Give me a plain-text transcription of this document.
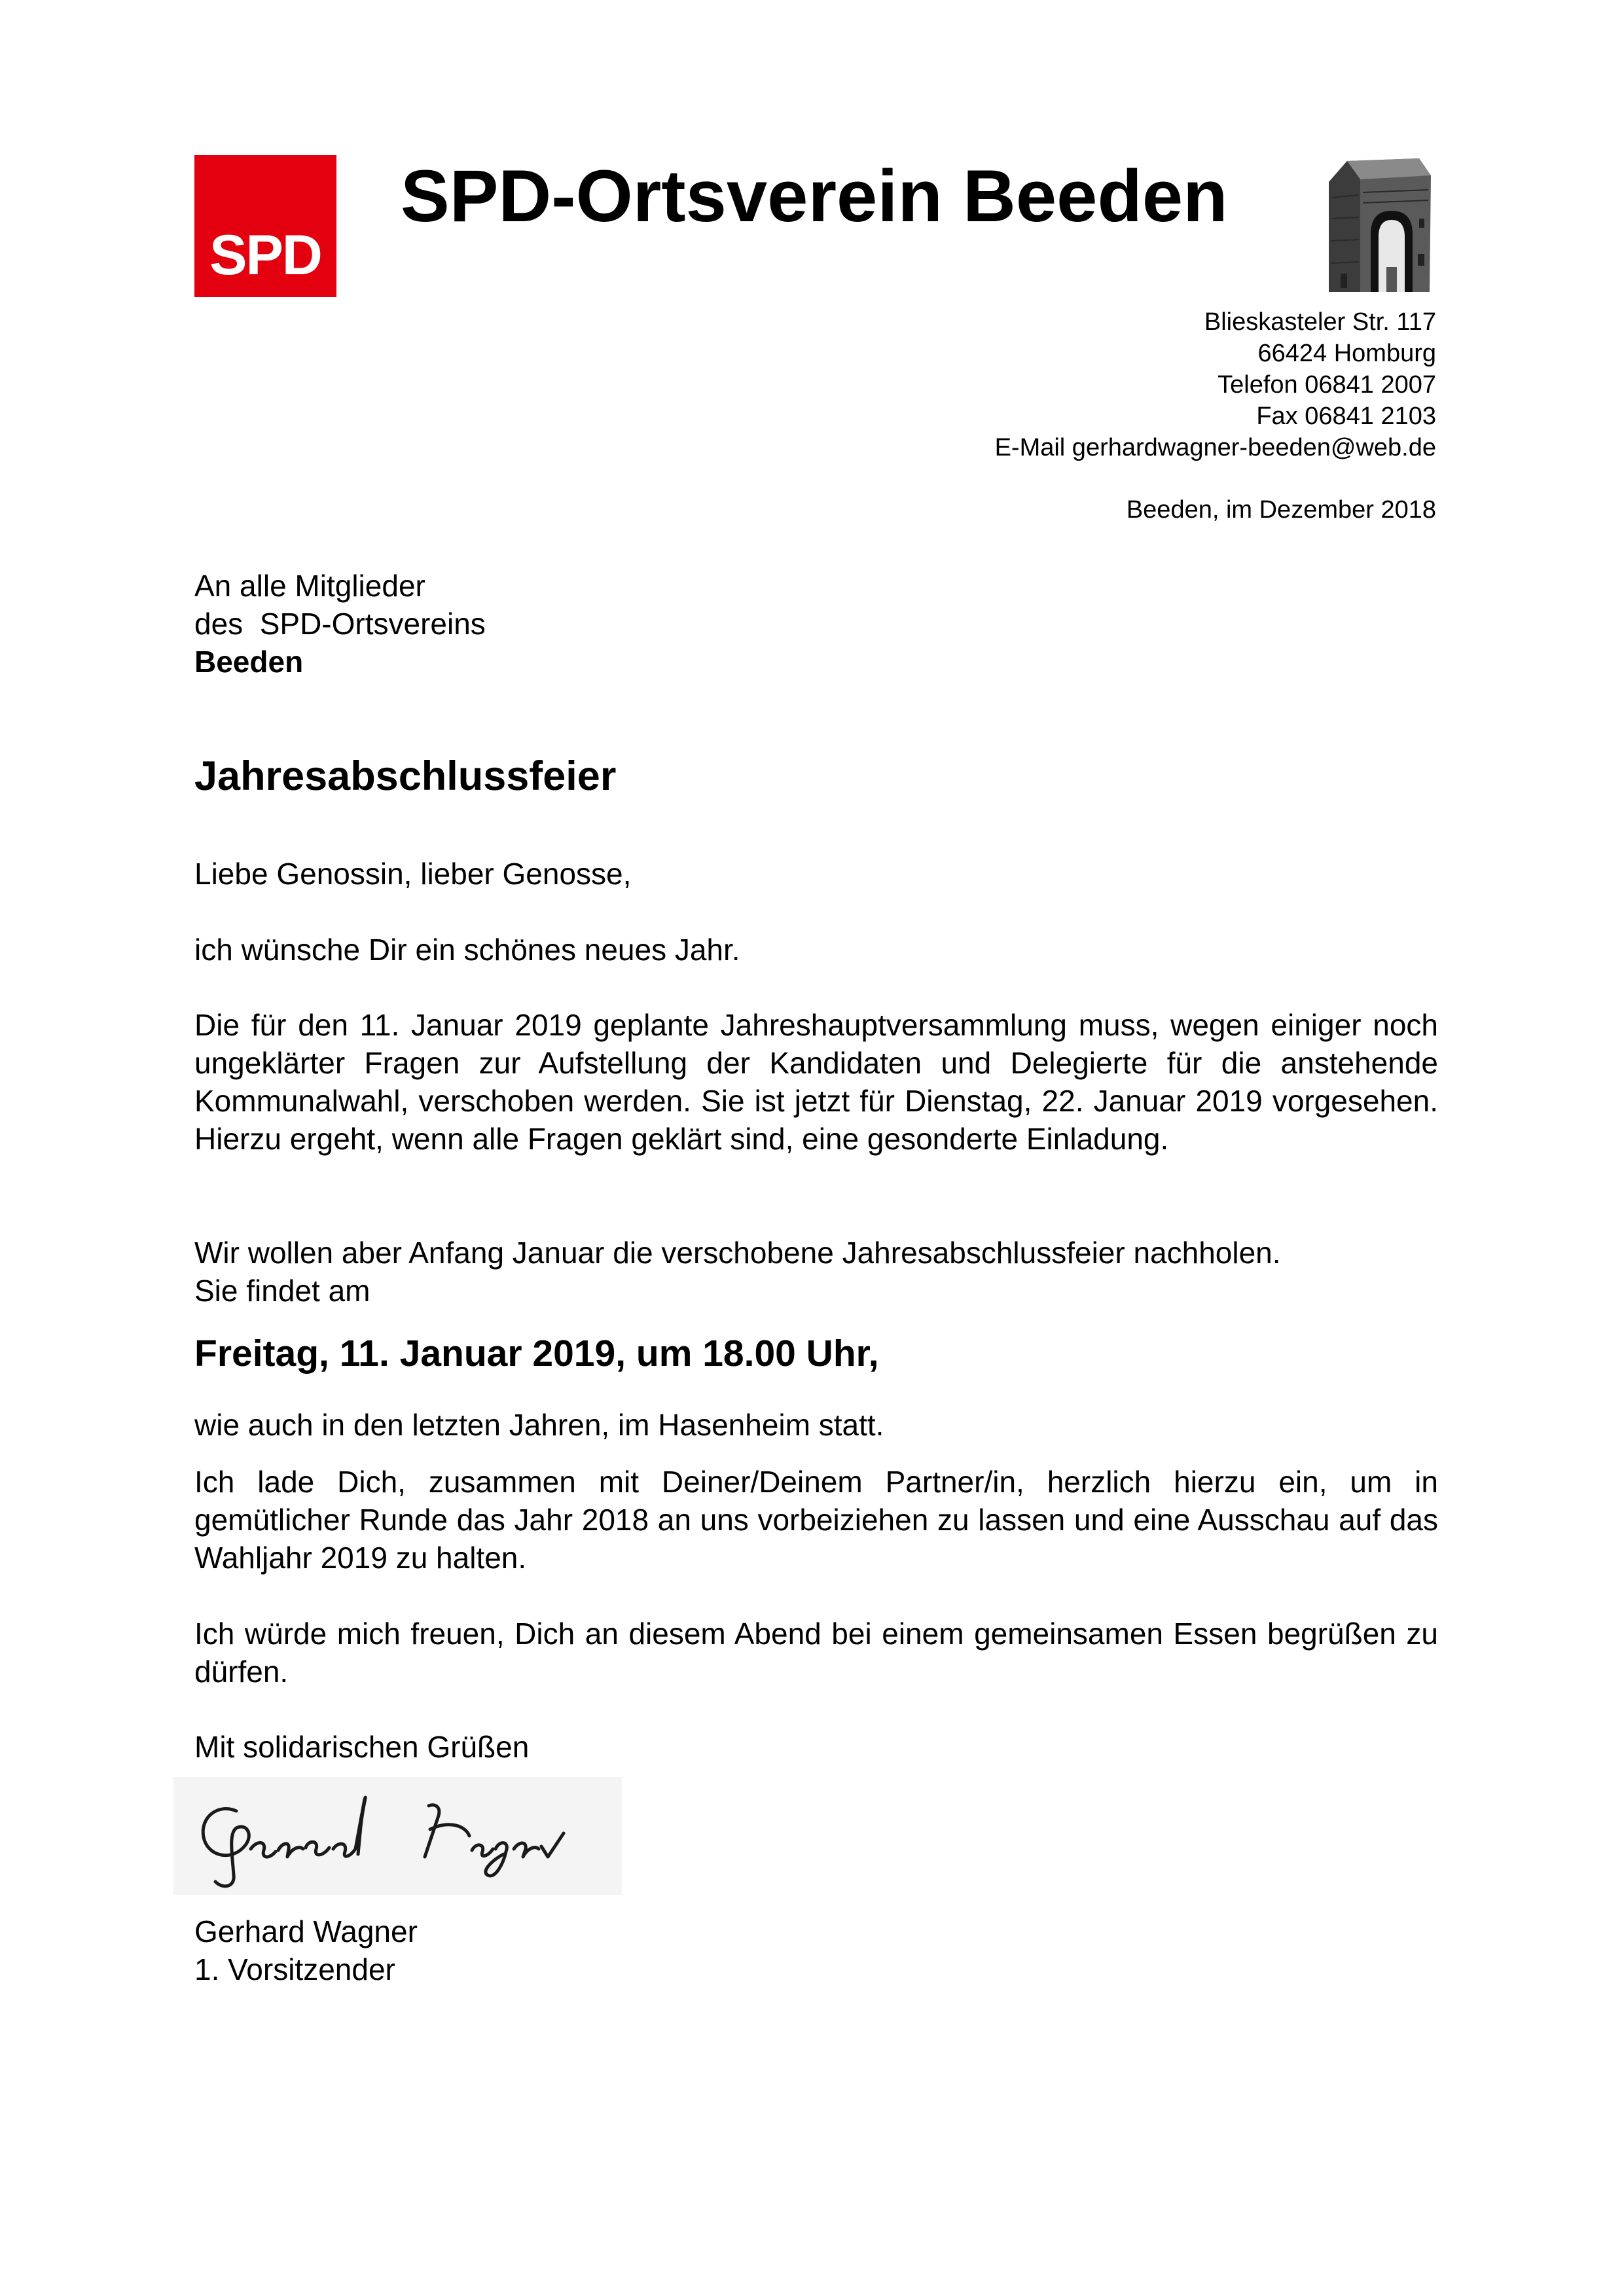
SPD
SPD-Ortsverein Beeden
Blieskasteler Str. 117
66424 Homburg
Telefon 06841 2007
Fax 06841 2103
E-Mail gerhardwagner-beeden@web.de
Beeden, im Dezember 2018
An alle Mitglieder
des  SPD-Ortsvereins
Beeden
Jahresabschlussfeier
Liebe Genossin, lieber Genosse,
ich wünsche Dir ein schönes neues Jahr.
Die für den 11. Januar 2019 geplante Jahreshauptversammlung muss, wegen einiger noch ungeklärter Fragen zur Aufstellung der Kandidaten und Delegierte für die anstehende Kommunalwahl, verschoben werden. Sie ist jetzt für Dienstag, 22. Januar 2019 vorgesehen. Hierzu ergeht, wenn alle Fragen geklärt sind, eine gesonderte Einladung.
Wir wollen aber Anfang Januar die verschobene Jahresabschlussfeier nachholen.
Sie findet am
Freitag, 11. Januar 2019, um 18.00 Uhr,
wie auch in den letzten Jahren, im Hasenheim statt.
Ich lade Dich, zusammen mit Deiner/Deinem Partner/in, herzlich hierzu ein, um in gemütlicher Runde das Jahr 2018 an uns vorbeiziehen zu lassen und eine Ausschau auf das Wahljahr 2019 zu halten.
Ich würde mich freuen, Dich an diesem Abend bei einem gemeinsamen Essen begrüßen zu dürfen.
Mit solidarischen Grüßen
Gerhard Wagner
1. Vorsitzender
